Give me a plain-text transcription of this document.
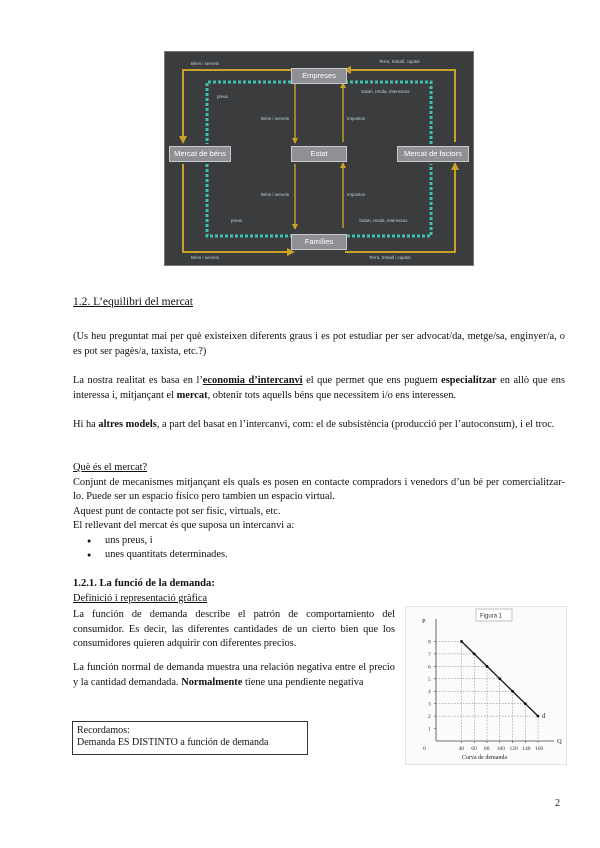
Empreses
Estat
Famílies
Mercat de béns	Mercat de factors
Béns i serveis	Terra, treball, capital
Béns i serveis	Terra, treball i capital
preus
Salari, renda, interessos
Béns i serveis	Impostos
Béns i serveis	Impostos
preus	Salari, renda, interessos
1.2. L’equilibri del mercat
(Us heu preguntat mai per què existeixen diferents graus i es pot estudiar per ser advocat/da, metge/sa, enginyer/a, o es pot ser pagès/a, taxista, etc.?)
La nostra realitat es basa en l’economia d’intercanvi el que permet que ens puguem especialitzar en allò que ens interessa i, mitjançant el mercat, obtenir tots aquells béns que necessitem i/o ens interessen.
Hi ha altres models, a part del basat en l’intercanvi, com: el de subsistència (producció per l’autoconsum), i el troc.
Què és el mercat?
Conjunt de mecanismes mitjançant els quals es posen en contacte compradors i venedors d’un bé per comercialitzar-lo. Puede ser un espacio físico pero tambien un espacio virtual.
Aquest punt de contacte pot ser físic, virtuals, etc.
El rellevant del mercat és que suposa un intercanvi a:
● uns preus, i
● unes quantitats determinades.
1.2.1. La funció de la demanda:
Definició i representació gràfica
La función de demanda describe el patrón de comportamiento del consumidor. Es decir, las diferentes cantidades de un cierto bien que los consumidores quieren adquirir con diferentes precios.
La función normal de demanda muestra una relación negativa entre el precio y la cantidad demandada. Normalmente tiene una pendiente negativa
Recordamos:
Demanda ES DISTINTO a función de demanda
1
2
3
4
5
6
7
8
0	40 60 80 100 120 140 160
P
Q
d
Curva de demanda
Figura 1
2
